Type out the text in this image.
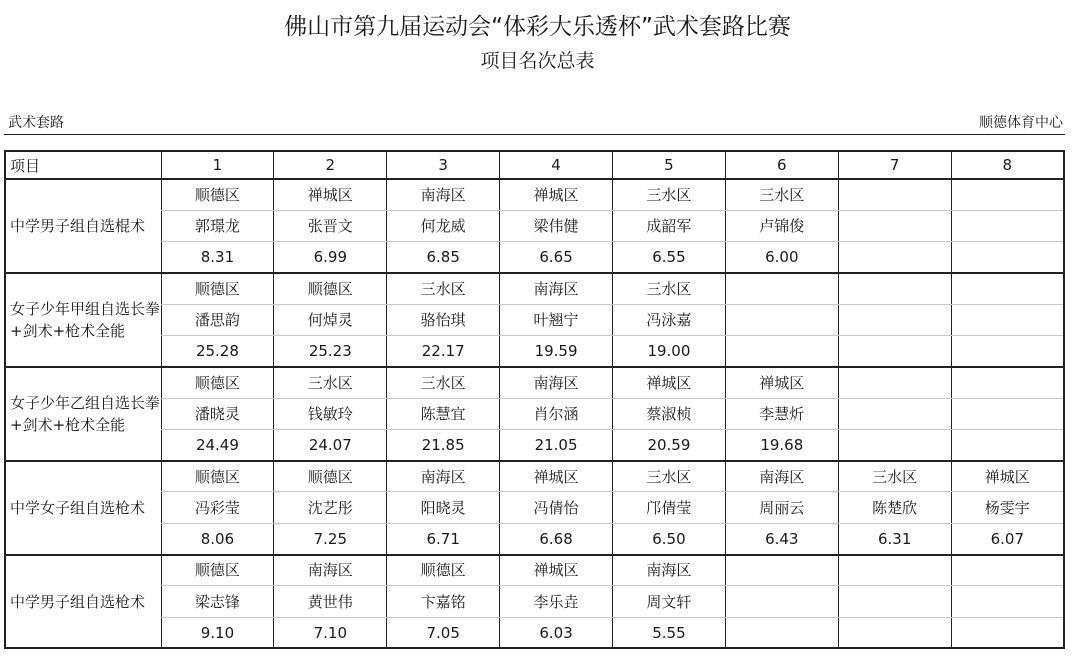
佛山市第九届运动会“体彩大乐透杯”武术套路比赛
项目名次总表
武术套路	顺德体育中心
项目	1	2	3	4	5	6	7	8
中学男子组自选棍术	顺德区	禅城区	南海区	禅城区	三水区	三水区		
	郭璟龙	张晋文	何龙威	梁伟健	成韶军	卢锦俊		
	8.31	6.99	6.85	6.65	6.55	6.00		
女子少年甲组自选长拳+剑术+枪术全能	顺德区	顺德区	三水区	南海区	三水区			
	潘思韵	何焯灵	骆怡琪	叶翘宁	冯泳嘉			
	25.28	25.23	22.17	19.59	19.00			
女子少年乙组自选长拳+剑术+枪术全能	顺德区	三水区	三水区	南海区	禅城区	禅城区		
	潘晓灵	钱敏玲	陈慧宜	肖尔涵	蔡淑桢	李慧炘		
	24.49	24.07	21.85	21.05	20.59	19.68		
中学女子组自选枪术	顺德区	顺德区	南海区	禅城区	三水区	南海区	三水区	禅城区
	冯彩莹	沈艺彤	阳晓灵	冯倩怡	邝倩莹	周丽云	陈楚欣	杨雯宇
	8.06	7.25	6.71	6.68	6.50	6.43	6.31	6.07
中学男子组自选枪术	顺德区	南海区	顺德区	禅城区	南海区			
	梁志锋	黄世伟	卞嘉铭	李乐垚	周文轩			
	9.10	7.10	7.05	6.03	5.55			
